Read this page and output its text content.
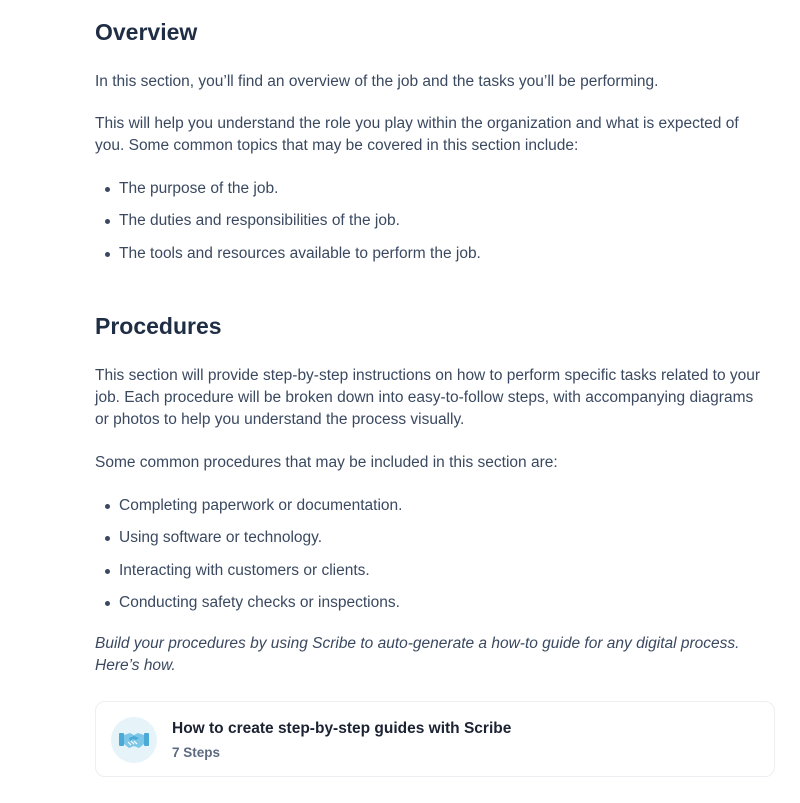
Overview

In this section, you’ll find an overview of the job and the tasks you’ll be performing.

This will help you understand the role you play within the organization and what is expected of you. Some common topics that may be covered in this section include:

The purpose of the job.
The duties and responsibilities of the job.
The tools and resources available to perform the job.
Procedures

This section will provide step-by-step instructions on how to perform specific tasks related to your job. Each procedure will be broken down into easy-to-follow steps, with accompanying diagrams or photos to help you understand the process visually.

Some common procedures that may be included in this section are:

Completing paperwork or documentation.
Using software or technology.
Interacting with customers or clients.
Conducting safety checks or inspections.

Build your procedures by using Scribe to auto-generate a how-to guide for any digital process. Here’s how.

How to create step-by-step guides with Scribe
7 Steps
